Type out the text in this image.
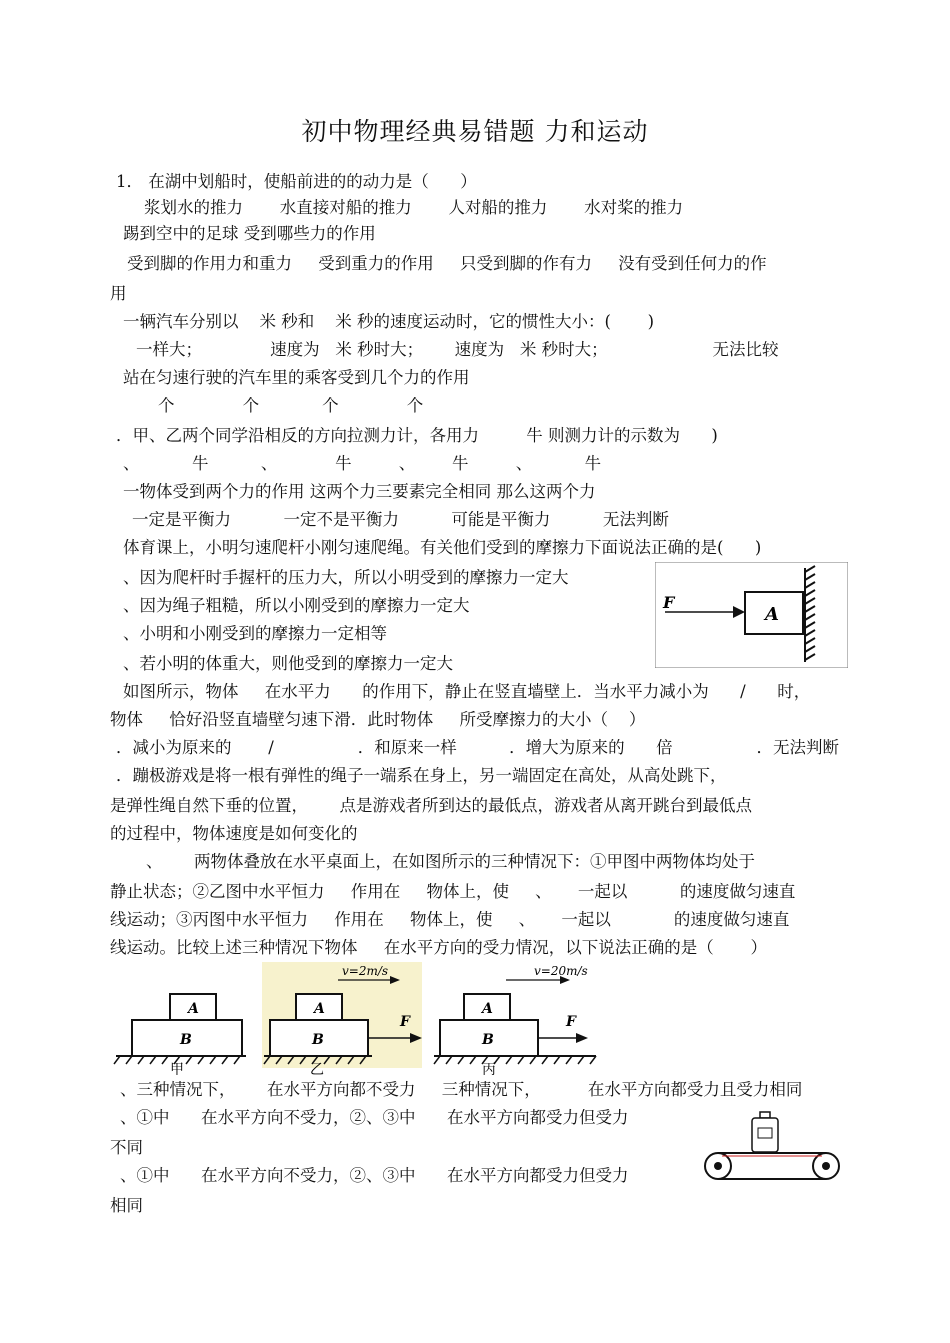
初中物理经典易错题 力和运动
1． 在湖中划船时，使船前进的的动力是（      ）
浆划水的推力       水直接对船的推力       人对船的推力       水对桨的推力
踢到空中的足球 受到哪些力的作用
受到脚的作用力和重力     受到重力的作用     只受到脚的作有力     没有受到任何力的作
用
一辆汽车分别以    米 秒和    米 秒的速度运动时，它的惯性大小：(       )
一样大；             速度为   米 秒时大；      速度为   米 秒时大；                    无法比较
站在匀速行驶的汽车里的乘客受到几个力的作用
个             个            个             个
．甲、乙两个同学沿相反的方向拉测力计，各用力         牛 则测力计的示数为      )
、          牛          、           牛         、       牛         、          牛
一物体受到两个力的作用 这两个力三要素完全相同 那么这两个力
一定是平衡力          一定不是平衡力          可能是平衡力          无法判断
体育课上，小明匀速爬杆小刚匀速爬绳。有关他们受到的摩擦力下面说法正确的是(      )
、因为爬杆时手握杆的压力大，所以小明受到的摩擦力一定大
、因为绳子粗糙，所以小刚受到的摩擦力一定大
、小明和小刚受到的摩擦力一定相等
、若小明的体重大，则他受到的摩擦力一定大
如图所示，物体     在水平力      的作用下，静止在竖直墙壁上．当水平力减小为      /      时，
物体     恰好沿竖直墙壁匀速下滑．此时物体     所受摩擦力的大小（    ）
．减小为原来的       /                ．和原来一样          ．增大为原来的      倍                ．无法判断
．蹦极游戏是将一根有弹性的绳子一端系在身上，另一端固定在高处，从高处跳下，
是弹性绳自然下垂的位置，      点是游戏者所到达的最低点，游戏者从离开跳台到最低点
的过程中，物体速度是如何变化的
、      两物体叠放在水平桌面上，在如图所示的三种情况下：①甲图中两物体均处于
静止状态；②乙图中水平恒力     作用在     物体上，使     、     一起以          的速度做匀速直
线运动；③丙图中水平恒力     作用在     物体上，使     、     一起以            的速度做匀速直
线运动。比较上述三种情况下物体     在水平方向的受力情况，以下说法正确的是（       ）
、三种情况下，      在水平方向都不受力     三种情况下，         在水平方向都受力且受力相同
、①中      在水平方向不受力，②、③中      在水平方向都受力但受力
不同
、①中      在水平方向不受力，②、③中      在水平方向都受力但受力
相同
F
A
A
B
甲
v=2m/s
F
A
B
乙
v=20m/s
F
A
B
丙
